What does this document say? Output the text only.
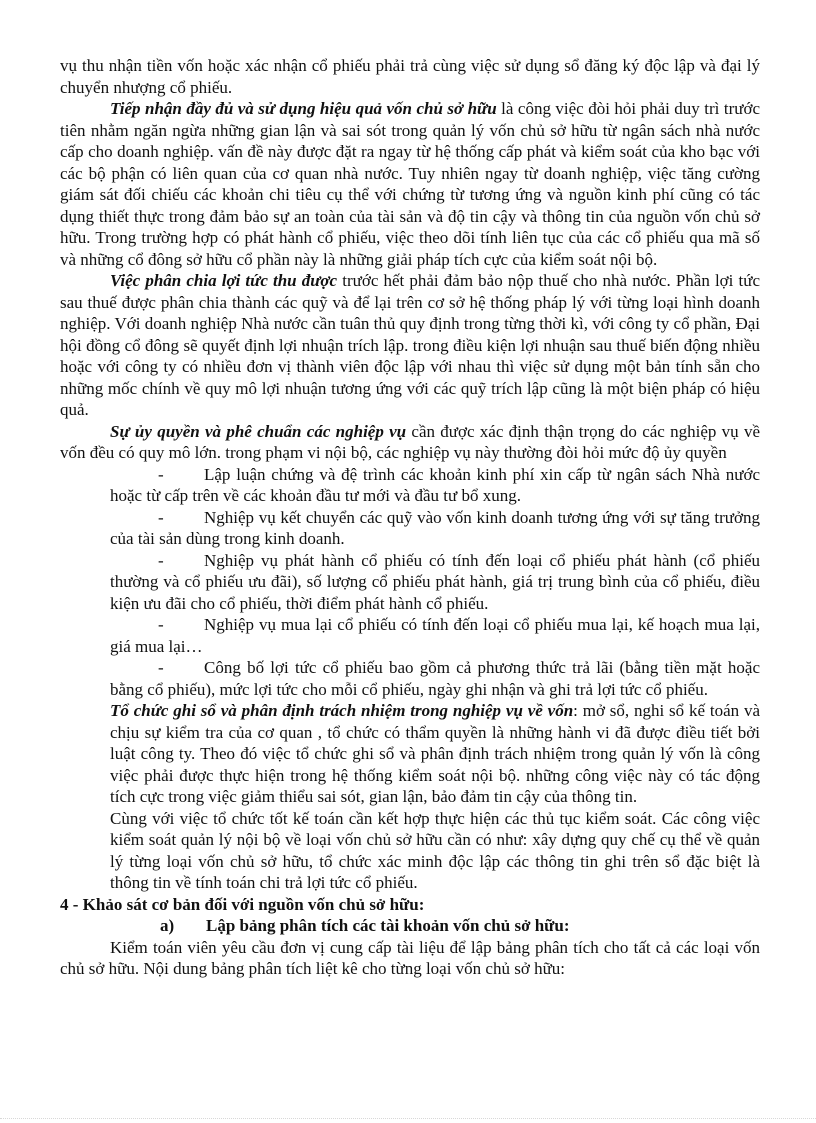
vụ thu nhận tiền vốn hoặc xác nhận cổ phiếu phải trả cùng việc sử dụng sổ đăng ký độc lập và đại lý chuyển nhượng cổ phiếu.

Tiếp nhận đầy đủ và sử dụng hiệu quả vốn chủ sở hữu là công việc đòi hỏi phải duy trì trước tiên nhằm ngăn ngừa những gian lận và sai sót trong quản lý vốn chủ sở hữu từ ngân sách nhà nước cấp cho doanh nghiệp. vấn đề này được đặt ra ngay từ hệ thống cấp phát và kiểm soát của kho bạc với các bộ phận có liên quan của cơ quan nhà nước. Tuy nhiên ngay từ doanh nghiệp, việc tăng cường giám sát đối chiếu các khoản chi tiêu cụ thể với chứng từ tương ứng và nguồn kinh phí cũng có tác dụng thiết thực trong đảm bảo sự an toàn của tài sản và độ tin cậy và thông tin của nguồn vốn chủ sở hữu. Trong trường hợp có phát hành cổ phiếu, việc theo dõi tính liên tục của các cổ phiếu qua mã số và những cổ đông sở hữu cổ phần này là những giải pháp tích cực của kiểm soát nội bộ.

Việc phân chia lợi tức thu được trước hết phải đảm bảo nộp thuế cho nhà nước. Phần lợi tức sau thuế được phân chia thành các quỹ và để lại trên cơ sở hệ thống pháp lý với từng loại hình doanh nghiệp. Với doanh nghiệp Nhà nước cần tuân thủ quy định trong từng thời kì, với công ty cổ phần, Đại hội đồng cổ đông sẽ quyết định lợi nhuận trích lập. trong điều kiện lợi nhuận sau thuế biến động nhiều hoặc với công ty có nhiều đơn vị thành viên độc lập với nhau thì việc sử dụng một bản tính sẵn cho những mốc chính về quy mô lợi nhuận tương ứng với các quỹ trích lập cũng là một biện pháp có hiệu quả.

Sự ủy quyền và phê chuẩn các nghiệp vụ cần được xác định thận trọng do các nghiệp vụ về vốn đều có quy mô lớn. trong phạm vi nội bộ, các nghiệp vụ này thường đòi hỏi mức độ ủy quyền

- Lập luận chứng và đệ trình các khoản kinh phí xin cấp từ ngân sách Nhà nước hoặc từ cấp trên về các khoản đầu tư mới và đầu tư bổ xung.

- Nghiệp vụ kết chuyển các quỹ vào vốn kinh doanh tương ứng với sự tăng trưởng của tài sản dùng trong kinh doanh.

- Nghiệp vụ phát hành cổ phiếu có tính đến loại cổ phiếu phát hành (cổ phiếu thường và cổ phiếu ưu đãi), số lượng cổ phiếu phát hành, giá trị trung bình của cổ phiếu, điều kiện ưu đãi cho cổ phiếu, thời điểm phát hành cổ phiếu.

- Nghiệp vụ mua lại cổ phiếu có tính đến loại cổ phiếu mua lại, kế hoạch mua lại, giá mua lại…

- Công bố lợi tức cổ phiếu bao gồm cả phương thức trả lãi (bằng tiền mặt hoặc bằng cổ phiếu), mức lợi tức cho mỗi cổ phiếu, ngày ghi nhận và ghi trả lợi tức cổ phiếu.

Tổ chức ghi sổ và phân định trách nhiệm trong nghiệp vụ về vốn: mở sổ, nghi sổ kế toán và chịu sự kiểm tra của cơ quan , tổ chức có thẩm quyền là những hành vi đã được điều tiết bởi luật công ty. Theo đó việc tổ chức ghi sổ và phân định trách nhiệm trong quản lý vốn là công việc phải được thực hiện trong hệ thống kiểm soát nội bộ. những công việc này có tác động tích cực trong việc giảm thiểu sai sót, gian lận, bảo đảm tin cậy của thông tin.

Cùng với việc tổ chức tốt kế toán cần kết hợp thực hiện các thủ tục kiểm soát. Các công việc kiểm soát quản lý nội bộ về loại vốn chủ sở hữu cần có như: xây dựng quy chế cụ thể về quản lý từng loại vốn chủ sở hữu, tổ chức xác minh độc lập các thông tin ghi trên sổ đặc biệt là thông tin về tính toán chi trả lợi tức cổ phiếu.

4 - Khảo sát cơ bản đối với nguồn vốn chủ sở hữu:

a) Lập bảng phân tích các tài khoản vốn chủ sở hữu:

Kiểm toán viên yêu cầu đơn vị cung cấp tài liệu để lập bảng phân tích cho tất cả các loại vốn chủ sở hữu. Nội dung bảng phân tích liệt kê cho từng loại vốn chủ sở hữu:
